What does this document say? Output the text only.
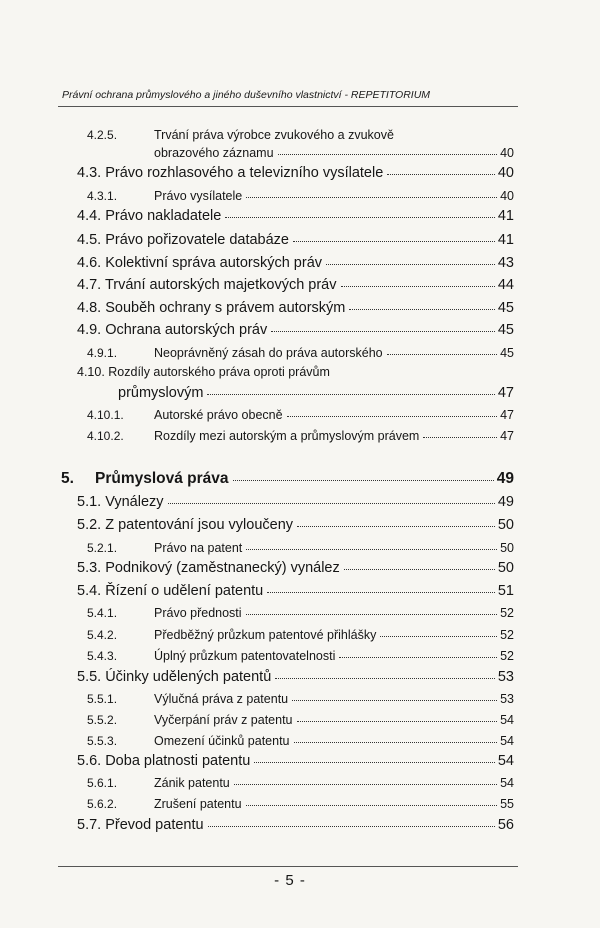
Právní ochrana průmyslového a jiného duševního vlastnictví - REPETITORIUM
4.2.5.	Trvání práva výrobce zvukového a zvukově
obrazového záznamu	40
4.3. Právo rozhlasového a televizního vysílatele	40
4.3.1.	Právo vysílatele	40
4.4. Právo nakladatele	41
4.5. Právo pořizovatele databáze	41
4.6. Kolektivní správa autorských práv	43
4.7. Trvání autorských majetkových práv	44
4.8. Souběh ochrany s právem autorským	45
4.9. Ochrana autorských práv	45
4.9.1.	Neoprávněný zásah do práva autorského	45
4.10. Rozdíly autorského práva oproti právům
průmyslovým	47
4.10.1.	Autorské právo obecně	47
4.10.2.	Rozdíly mezi autorským a průmyslovým právem	47
5.	Průmyslová práva	49
5.1. Vynálezy	49
5.2. Z patentování jsou vyloučeny	50
5.2.1.	Právo na patent	50
5.3. Podnikový (zaměstnanecký) vynález	50
5.4. Řízení o udělení patentu	51
5.4.1.	Právo přednosti	52
5.4.2.	Předběžný průzkum patentové přihlášky	52
5.4.3.	Úplný průzkum patentovatelnosti	52
5.5. Účinky udělených patentů	53
5.5.1.	Výlučná práva z patentu	53
5.5.2.	Vyčerpání práv z patentu	54
5.5.3.	Omezení účinků patentu	54
5.6. Doba platnosti patentu	54
5.6.1.	Zánik patentu	54
5.6.2.	Zrušení patentu	55
5.7. Převod patentu	56
- 5 -
